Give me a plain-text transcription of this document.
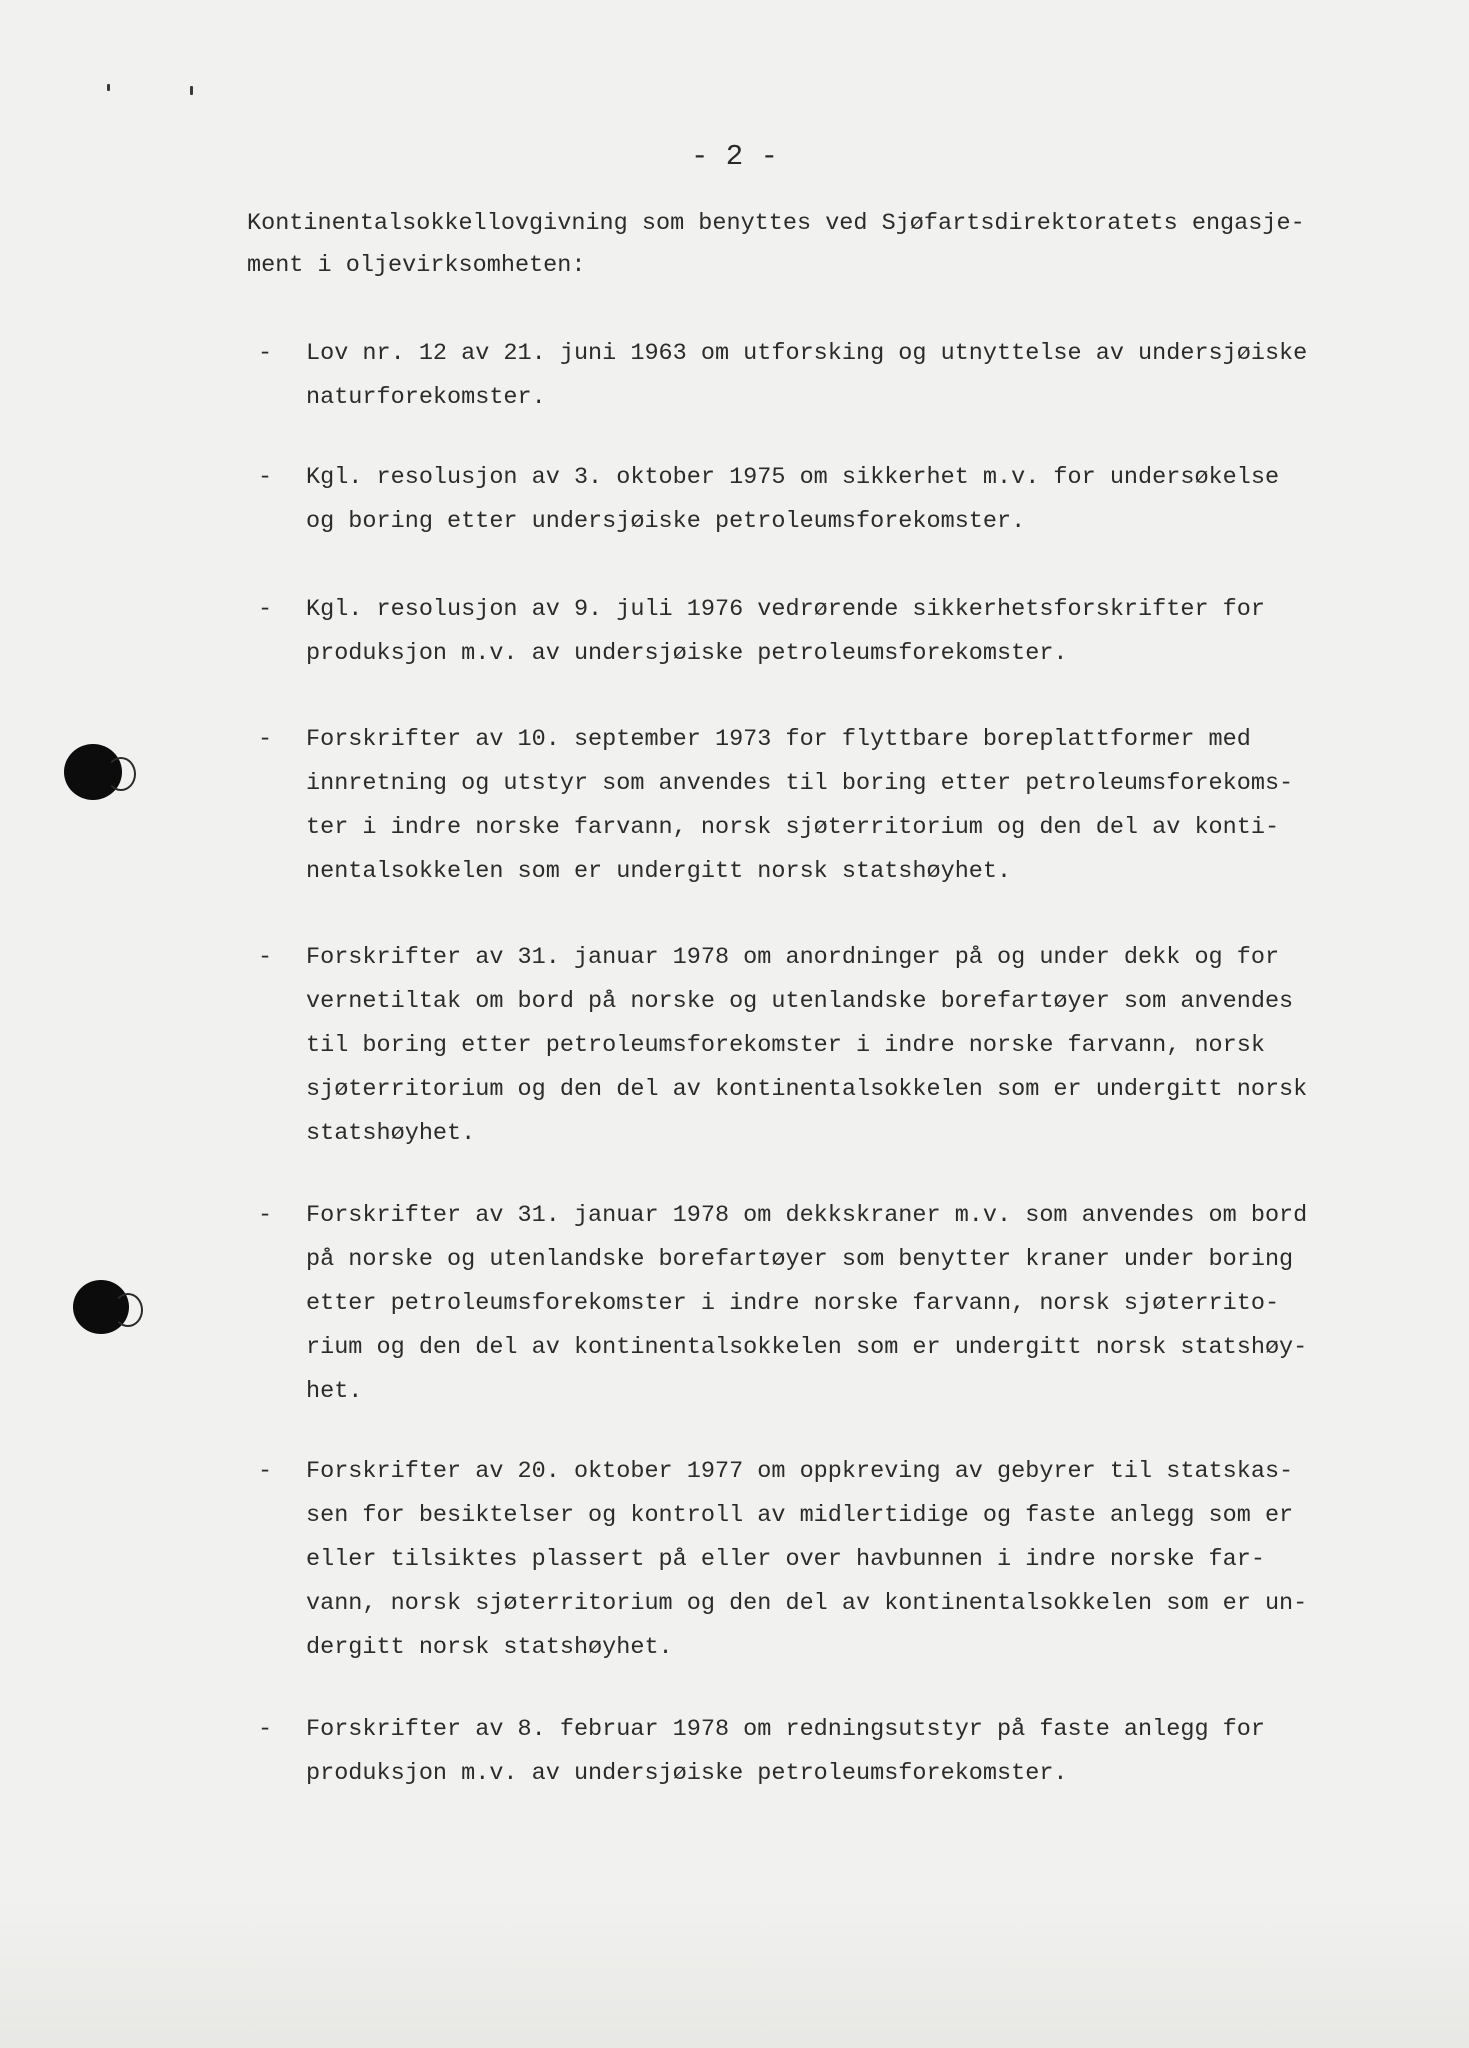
- 2 -

Kontinentalsokkellovgivning som benyttes ved Sjøfartsdirektoratets engasje-
ment i oljevirksomheten:

- Lov nr. 12 av 21. juni 1963 om utforsking og utnyttelse av undersjøiske
naturforekomster.

- Kgl. resolusjon av 3. oktober 1975 om sikkerhet m.v. for undersøkelse
og boring etter undersjøiske petroleumsforekomster.

- Kgl. resolusjon av 9. juli 1976 vedrørende sikkerhetsforskrifter for
produksjon m.v. av undersjøiske petroleumsforekomster.

- Forskrifter av 10. september 1973 for flyttbare boreplattformer med
innretning og utstyr som anvendes til boring etter petroleumsforekoms-
ter i indre norske farvann, norsk sjøterritorium og den del av konti-
nentalsokkelen som er undergitt norsk statshøyhet.

- Forskrifter av 31. januar 1978 om anordninger på og under dekk og for
vernetiltak om bord på norske og utenlandske borefartøyer som anvendes
til boring etter petroleumsforekomster i indre norske farvann, norsk
sjøterritorium og den del av kontinentalsokkelen som er undergitt norsk
statshøyhet.

- Forskrifter av 31. januar 1978 om dekkskraner m.v. som anvendes om bord
på norske og utenlandske borefartøyer som benytter kraner under boring
etter petroleumsforekomster i indre norske farvann, norsk sjøterrito-
rium og den del av kontinentalsokkelen som er undergitt norsk statshøy-
het.

- Forskrifter av 20. oktober 1977 om oppkreving av gebyrer til statskas-
sen for besiktelser og kontroll av midlertidige og faste anlegg som er
eller tilsiktes plassert på eller over havbunnen i indre norske far-
vann, norsk sjøterritorium og den del av kontinentalsokkelen som er un-
dergitt norsk statshøyhet.

- Forskrifter av 8. februar 1978 om redningsutstyr på faste anlegg for
produksjon m.v. av undersjøiske petroleumsforekomster.
